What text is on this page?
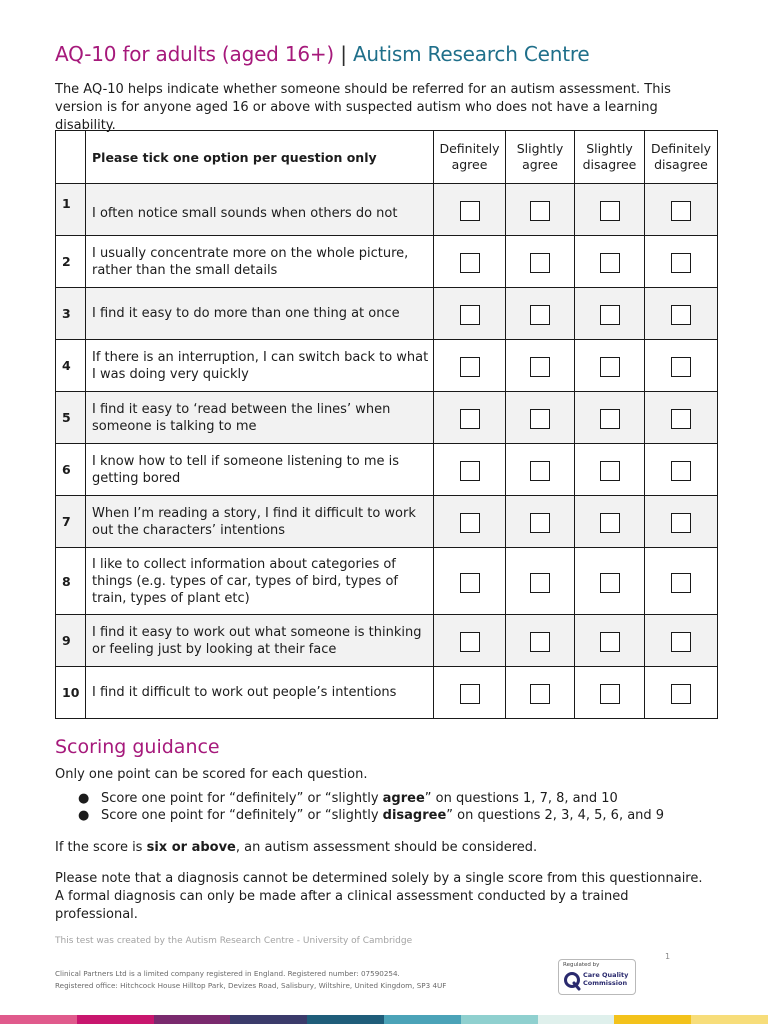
AQ-10 for adults (aged 16+) | Autism Research Centre

The AQ-10 helps indicate whether someone should be referred for an autism assessment. This version is for anyone aged 16 or above with suspected autism who does not have a learning disability.

	Please tick one option per question only	Definitely agree	Slightly agree	Slightly disagree	Definitely disagree
1	I often notice small sounds when others do not				
2	I usually concentrate more on the whole picture, rather than the small details				
3	I find it easy to do more than one thing at once				
4	If there is an interruption, I can switch back to what I was doing very quickly				
5	I find it easy to ‘read between the lines’ when someone is talking to me				
6	I know how to tell if someone listening to me is getting bored				
7	When I’m reading a story, I find it difficult to work out the characters’ intentions				
8	I like to collect information about categories of things (e.g. types of car, types of bird, types of train, types of plant etc)				
9	I find it easy to work out what someone is thinking or feeling just by looking at their face				
10	I find it difficult to work out people’s intentions				
Scoring guidance

Only one point can be scored for each question.

● Score one point for “definitely” or “slightly agree” on questions 1, 7, 8, and 10
● Score one point for “definitely” or “slightly disagree” on questions 2, 3, 4, 5, 6, and 9

If the score is six or above, an autism assessment should be considered.

Please note that a diagnosis cannot be determined solely by a single score from this questionnaire. A formal diagnosis can only be made after a clinical assessment conducted by a trained professional.

This test was created by the Autism Research Centre - University of Cambridge

1

Clinical Partners Ltd is a limited company registered in England. Registered number: 07590254.
Registered office: Hitchcock House Hilltop Park, Devizes Road, Salisbury, Wiltshire, United Kingdom, SP3 4UF

Regulated by
Care Quality
Commission
